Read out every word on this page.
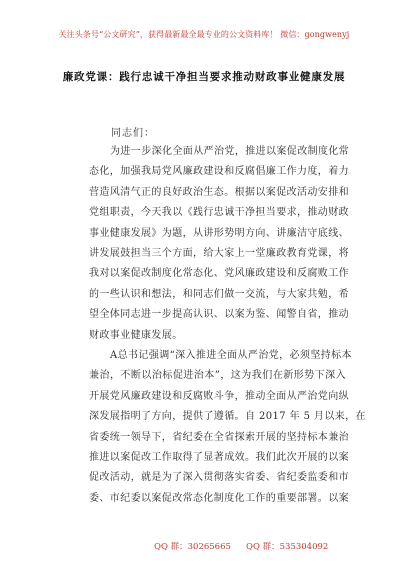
关注头条号“公文研究”，获得最新最全最专业的公文资料库！ 微信：gongwenyj
廉政党课：践行忠诚干净担当要求推动财政事业健康发展
同志们：
为进一步深化全面从严治党，推进以案促改制度化常
态化，加强我局党风廉政建设和反腐倡廉工作力度，着力
营造风清气正的良好政治生态。根据以案促改活动安排和
党组职责，今天我以《践行忠诚干净担当要求，推动财政
事业健康发展》为题，从讲形势明方向、讲廉洁守底线、
讲发展鼓担当三个方面，给大家上一堂廉政教育党课，将
我对以案促改制度化常态化、党风廉政建设和反腐败工作
的一些认识和想法，和同志们做一交流，与大家共勉，希
望全体同志进一步提高认识、以案为鉴、闻警自省，推动
财政事业健康发展。
A总书记强调“深入推进全面从严治党，必须坚持标本
兼治，不断以治标促进治本”，这为我们在新形势下深入
开展党风廉政建设和反腐败斗争，推动全面从严治党向纵
深发展指明了方向，提供了遵循。自 2017 年 5 月以来，在
省委统一领导下，省纪委在全省探索开展的坚持标本兼治
推进以案促改工作取得了显著成效。我们此次开展的以案
促改活动，就是为了深入贯彻落实省委、省纪委监委和市
委、市纪委以案促改常态化制度化工作的重要部署。以案
QQ 群：30265665 QQ 群：535304092
